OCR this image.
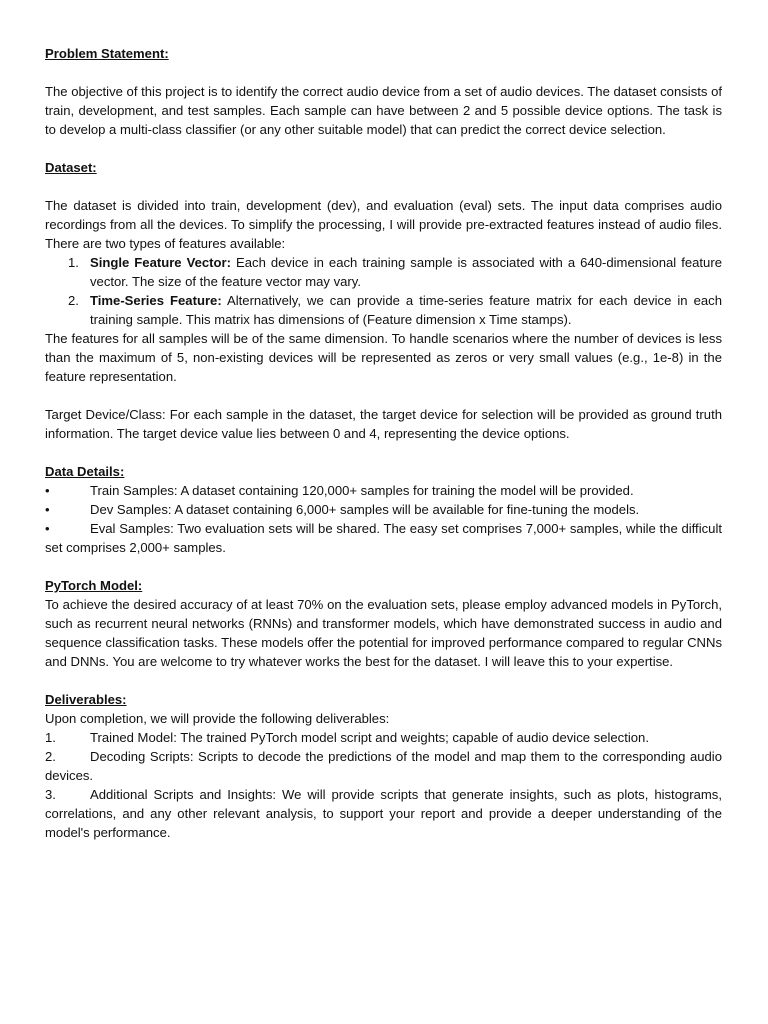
Problem Statement:

The objective of this project is to identify the correct audio device from a set of audio devices. The dataset consists of train, development, and test samples. Each sample can have between 2 and 5 possible device options. The task is to develop a multi-class classifier (or any other suitable model) that can predict the correct device selection.

Dataset:

The dataset is divided into train, development (dev), and evaluation (eval) sets. The input data comprises audio recordings from all the devices. To simplify the processing, I will provide pre-extracted features instead of audio files. There are two types of features available:

1. Single Feature Vector: Each device in each training sample is associated with a 640-dimensional feature vector. The size of the feature vector may vary.
2. Time-Series Feature: Alternatively, we can provide a time-series feature matrix for each device in each training sample. This matrix has dimensions of (Feature dimension x Time stamps).

The features for all samples will be of the same dimension. To handle scenarios where the number of devices is less than the maximum of 5, non-existing devices will be represented as zeros or very small values (e.g., 1e-8) in the feature representation.

Target Device/Class: For each sample in the dataset, the target device for selection will be provided as ground truth information. The target device value lies between 0 and 4, representing the device options.

Data Details:

•	Train Samples: A dataset containing 120,000+ samples for training the model will be provided.

•	Dev Samples: A dataset containing 6,000+ samples will be available for fine-tuning the models.

•	Eval Samples: Two evaluation sets will be shared. The easy set comprises 7,000+ samples, while the difficult set comprises 2,000+ samples.

PyTorch Model:

To achieve the desired accuracy of at least 70% on the evaluation sets, please employ advanced models in PyTorch, such as recurrent neural networks (RNNs) and transformer models, which have demonstrated success in audio and sequence classification tasks. These models offer the potential for improved performance compared to regular CNNs and DNNs. You are welcome to try whatever works the best for the dataset. I will leave this to your expertise.

Deliverables:

Upon completion, we will provide the following deliverables:

1.	Trained Model: The trained PyTorch model script and weights; capable of audio device selection.

2.	Decoding Scripts: Scripts to decode the predictions of the model and map them to the corresponding audio devices.

3.	Additional Scripts and Insights: We will provide scripts that generate insights, such as plots, histograms, correlations, and any other relevant analysis, to support your report and provide a deeper understanding of the model's performance.
